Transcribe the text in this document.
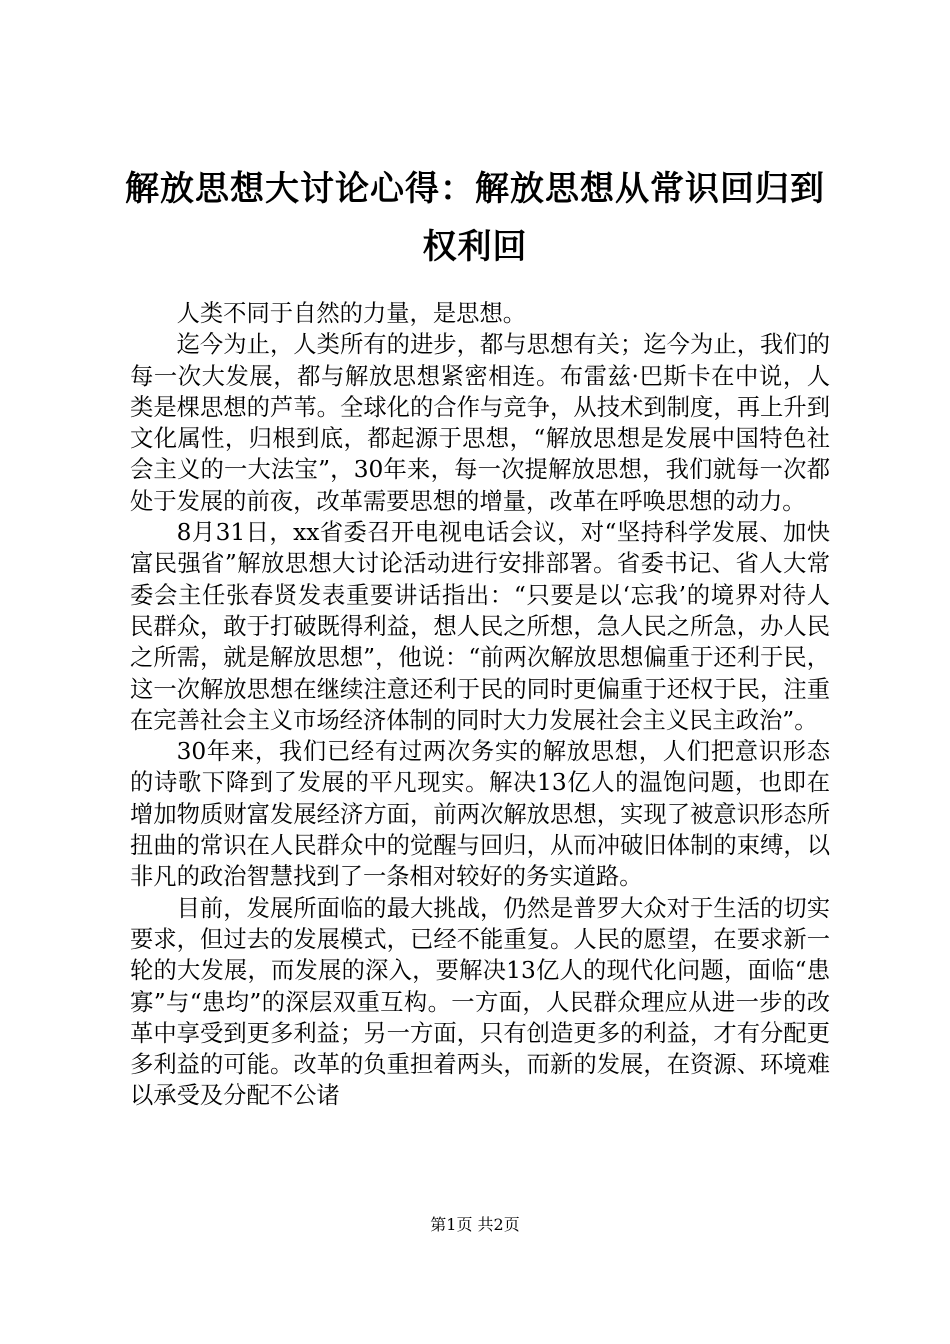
解放思想大讨论心得：解放思想从常识回归到权利回

人类不同于自然的力量，是思想。

迄今为止，人类所有的进步，都与思想有关；迄今为止，我们的每一次大发展，都与解放思想紧密相连。布雷兹·巴斯卡在中说，人类是棵思想的芦苇。全球化的合作与竞争，从技术到制度，再上升到文化属性，归根到底，都起源于思想，“解放思想是发展中国特色社会主义的一大法宝”，30年来，每一次提解放思想，我们就每一次都处于发展的前夜，改革需要思想的增量，改革在呼唤思想的动力。

8月31日，xx省委召开电视电话会议，对“坚持科学发展、加快富民强省”解放思想大讨论活动进行安排部署。省委书记、省人大常委会主任张春贤发表重要讲话指出：“只要是以‘忘我’的境界对待人民群众，敢于打破既得利益，想人民之所想，急人民之所急，办人民之所需，就是解放思想”，他说：“前两次解放思想偏重于还利于民，这一次解放思想在继续注意还利于民的同时更偏重于还权于民，注重在完善社会主义市场经济体制的同时大力发展社会主义民主政治”。

30年来，我们已经有过两次务实的解放思想，人们把意识形态的诗歌下降到了发展的平凡现实。解决13亿人的温饱问题，也即在增加物质财富发展经济方面，前两次解放思想，实现了被意识形态所扭曲的常识在人民群众中的觉醒与回归，从而冲破旧体制的束缚，以非凡的政治智慧找到了一条相对较好的务实道路。

目前，发展所面临的最大挑战，仍然是普罗大众对于生活的切实要求，但过去的发展模式，已经不能重复。人民的愿望，在要求新一轮的大发展，而发展的深入，要解决13亿人的现代化问题，面临“患寡”与“患均”的深层双重互构。一方面，人民群众理应从进一步的改革中享受到更多利益；另一方面，只有创造更多的利益，才有分配更多利益的可能。改革的负重担着两头，而新的发展，在资源、环境难以承受及分配不公诸

第1页 共2页
